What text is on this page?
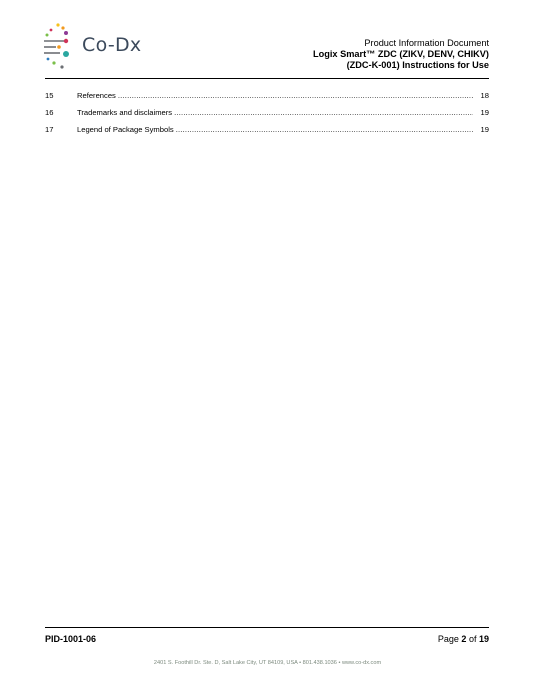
Co-Dx	Product Information Document
Logix Smart™ ZDC (ZIKV, DENV, CHIKV)
(ZDC-K-001) Instructions for Use
15	References .....	18
16	Trademarks and disclaimers .....	19
17	Legend of Package Symbols .....	19
PID-1001-06	Page 2 of 19
2401 S. Foothill Dr. Ste. D, Salt Lake City, UT 84109, USA • 801.438.1036 • www.co-dx.com
